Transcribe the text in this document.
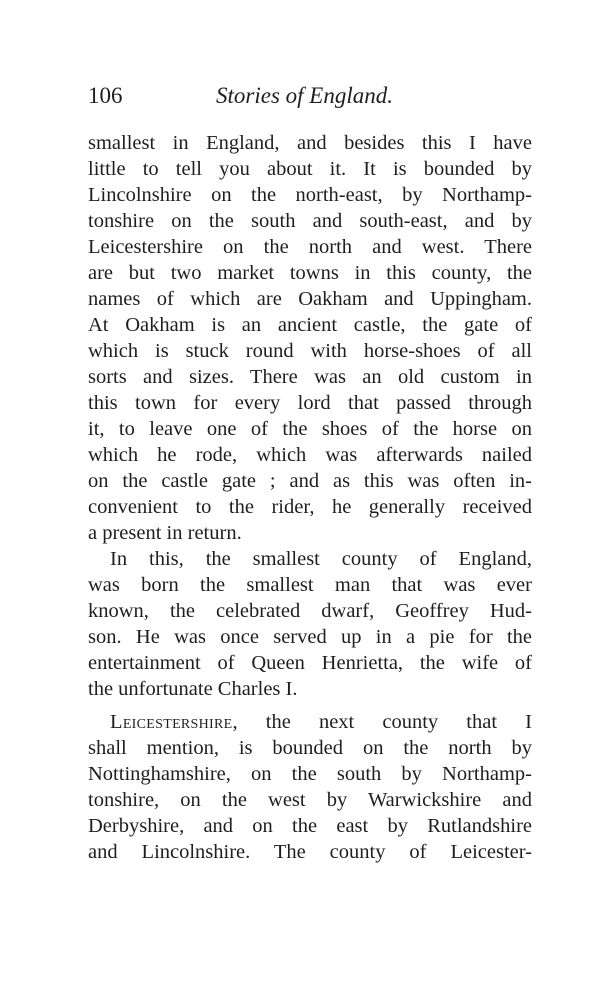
106	Stories of England.
smallest in England, and besides this I have
little to tell you about it. It is bounded by
Lincolnshire on the north-east, by Northamp-
tonshire on the south and south-east, and by
Leicestershire on the north and west. There
are but two market towns in this county, the
names of which are Oakham and Uppingham.
At Oakham is an ancient castle, the gate of
which is stuck round with horse-shoes of all
sorts and sizes. There was an old custom in
this town for every lord that passed through
it, to leave one of the shoes of the horse on
which he rode, which was afterwards nailed
on the castle gate ; and as this was often in-
convenient to the rider, he generally received
a present in return.
In this, the smallest county of England,
was born the smallest man that was ever
known, the celebrated dwarf, Geoffrey Hud-
son. He was once served up in a pie for the
entertainment of Queen Henrietta, the wife of
the unfortunate Charles I.
Leicestershire, the next county that I
shall mention, is bounded on the north by
Nottinghamshire, on the south by Northamp-
tonshire, on the west by Warwickshire and
Derbyshire, and on the east by Rutlandshire
and Lincolnshire. The county of Leicester-
